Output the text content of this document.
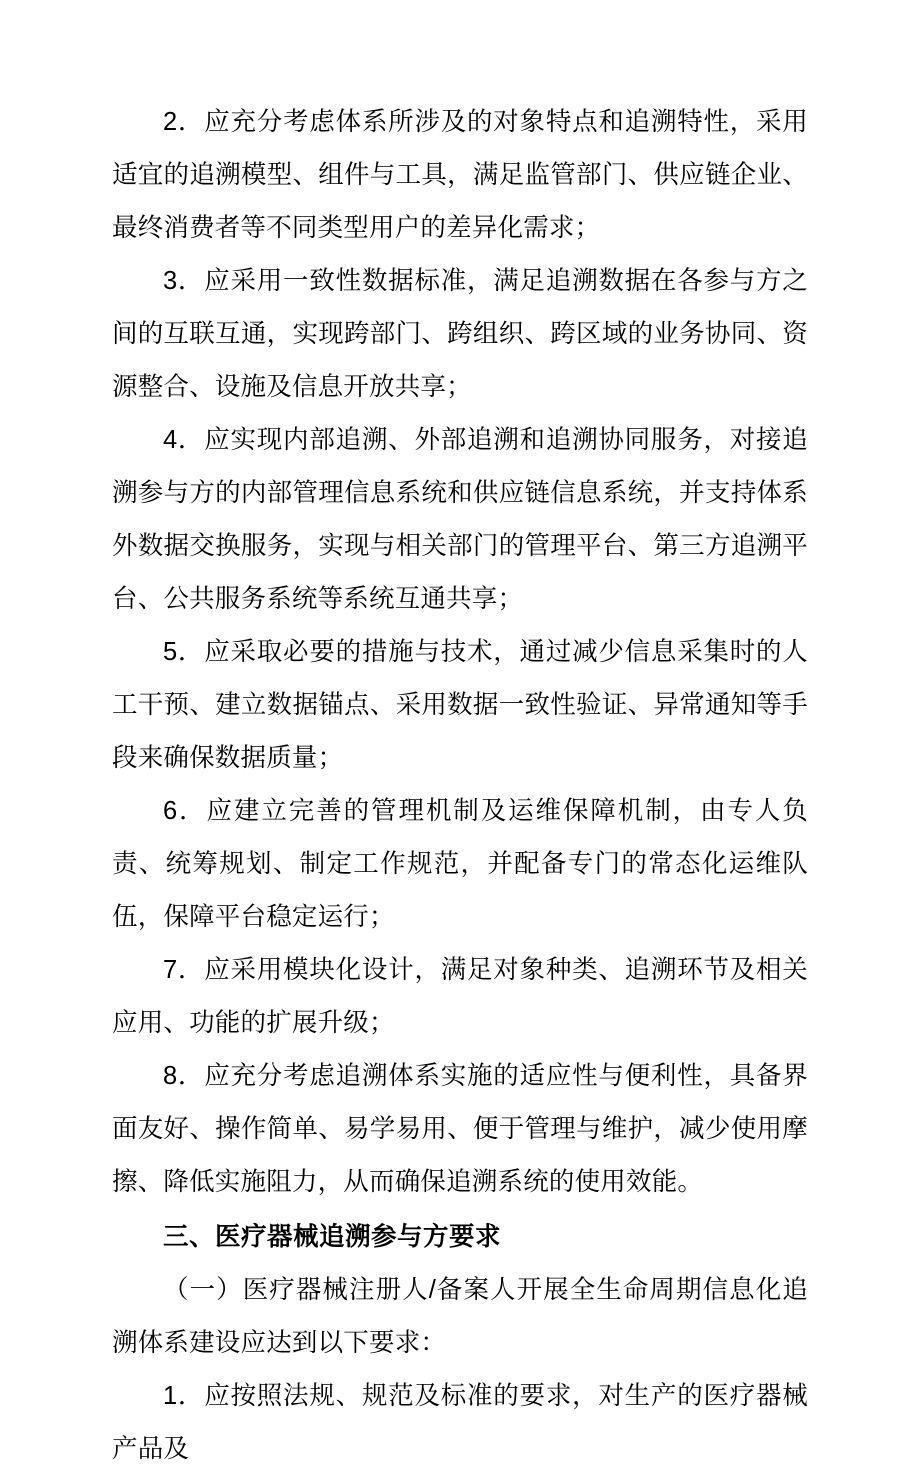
2．应充分考虑体系所涉及的对象特点和追溯特性，采用适宜的追溯模型、组件与工具，满足监管部门、供应链企业、最终消费者等不同类型用户的差异化需求；

3．应采用一致性数据标准，满足追溯数据在各参与方之间的互联互通，实现跨部门、跨组织、跨区域的业务协同、资源整合、设施及信息开放共享；

4．应实现内部追溯、外部追溯和追溯协同服务，对接追溯参与方的内部管理信息系统和供应链信息系统，并支持体系外数据交换服务，实现与相关部门的管理平台、第三方追溯平台、公共服务系统等系统互通共享；

5．应采取必要的措施与技术，通过减少信息采集时的人工干预、建立数据锚点、采用数据一致性验证、异常通知等手段来确保数据质量；

6．应建立完善的管理机制及运维保障机制，由专人负责、统筹规划、制定工作规范，并配备专门的常态化运维队伍，保障平台稳定运行；

7．应采用模块化设计，满足对象种类、追溯环节及相关应用、功能的扩展升级；

8．应充分考虑追溯体系实施的适应性与便利性，具备界面友好、操作简单、易学易用、便于管理与维护，减少使用摩擦、降低实施阻力，从而确保追溯系统的使用效能。

三、医疗器械追溯参与方要求

（一）医疗器械注册人/备案人开展全生命周期信息化追溯体系建设应达到以下要求：

1．应按照法规、规范及标准的要求，对生产的医疗器械产品及
